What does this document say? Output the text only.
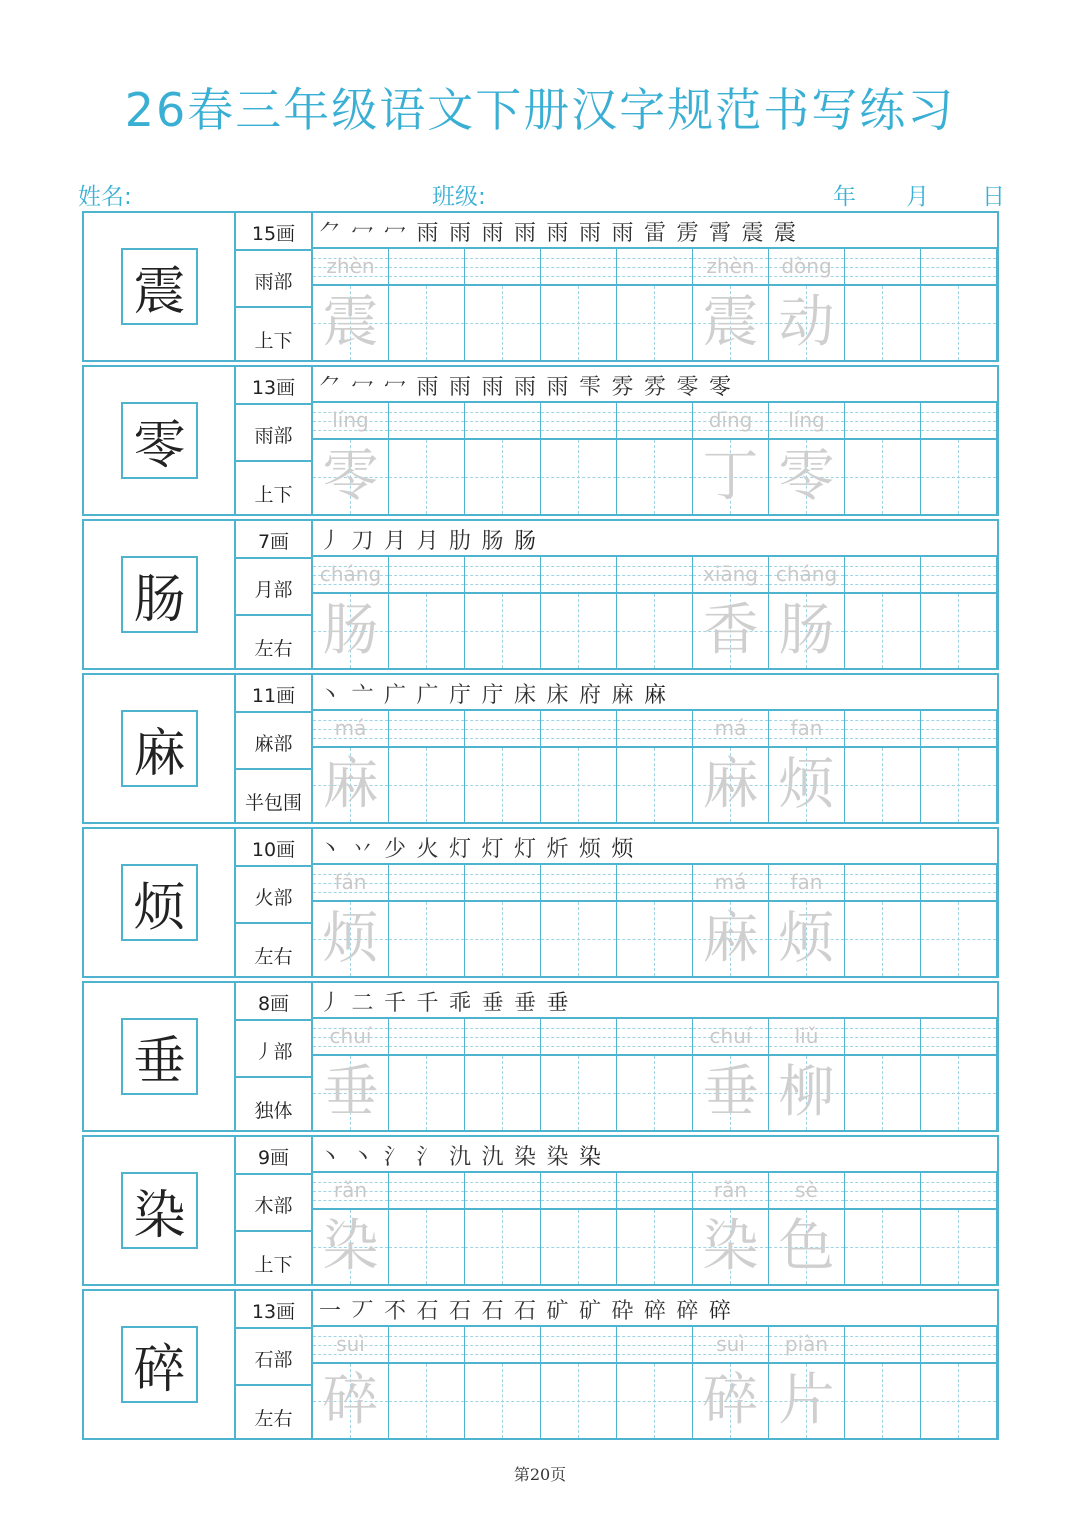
26春三年级语文下册汉字规范书写练习
姓名:	班级:	年 月 日
震
15画
雨部
上下
⺈ 冖 冖 雨 雨 雨 雨 雨 雨 雨 雷 雳 霄 震 震
zhèn
震
zhèn
震
dòng
动
零
13画
雨部
上下
⺈ 冖 冖 雨 雨 雨 雨 雨 雫 雰 雰 零 零
líng
零
dīng
丁
líng
零
肠
7画
月部
左右
丿 刀 月 月 肋 肠 肠
cháng
肠
xiāng
香
cháng
肠
麻
11画
麻部
半包围
丶 亠 广 广 庁 庁 床 床 府 麻 麻
má
麻
má
麻
fan
烦
烦
10画
火部
左右
丶 丷 少 火 灯 灯 灯 炘 烦 烦
fán
烦
má
麻
fan
烦
垂
8画
丿部
独体
丿 二 千 千 乖 垂 垂 垂
chuí
垂
chuí
垂
liǔ
柳
染
9画
木部
上下
丶 丶 氵 氵 氿 氿 染 染 染
rǎn
染
rǎn
染
sè
色
碎
13画
石部
左右
一 丆 不 石 石 石 石 矿 矿 砕 碎 碎 碎
suì
碎
suì
碎
piàn
片
第20页
